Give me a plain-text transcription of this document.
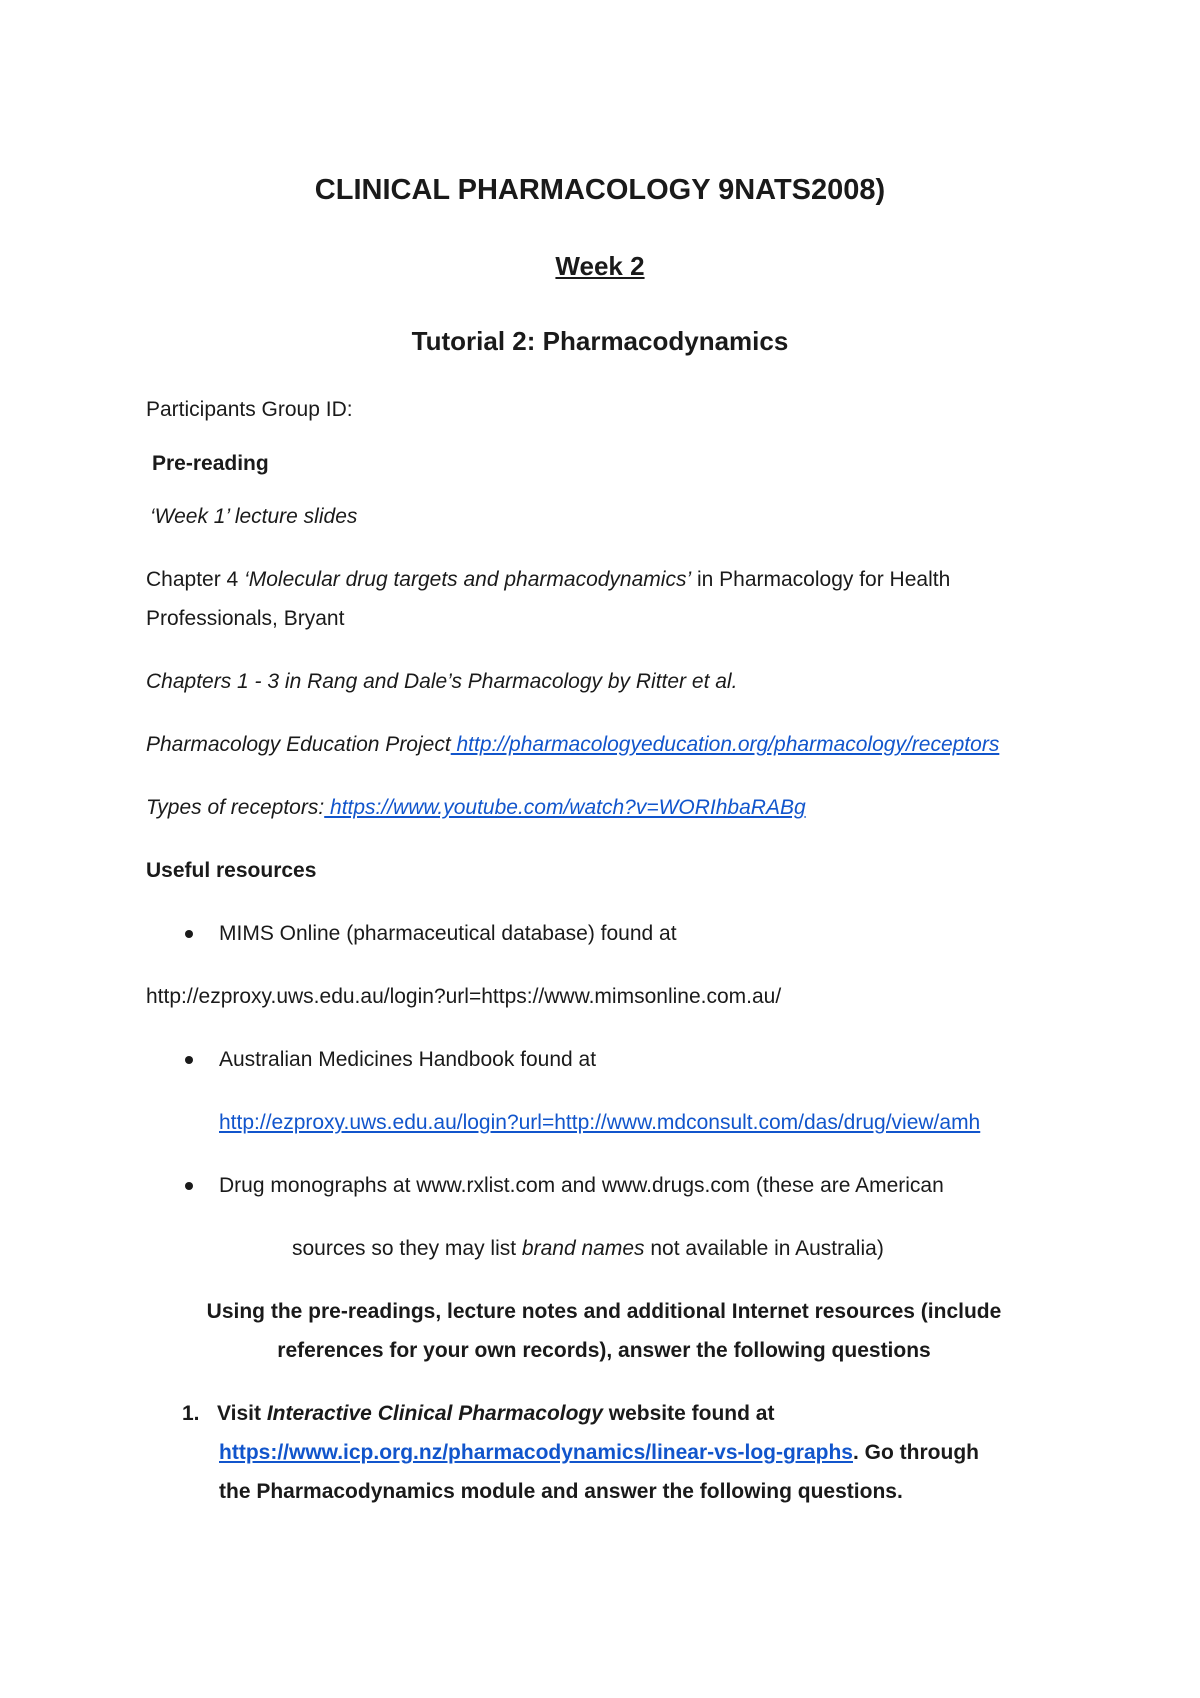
CLINICAL PHARMACOLOGY 9NATS2008)
Week 2
Tutorial 2: Pharmacodynamics
Participants Group ID:
Pre-reading
‘Week 1’ lecture slides
Chapter 4 ‘Molecular drug targets and pharmacodynamics’ in Pharmacology for Health
Professionals, Bryant
Chapters 1 - 3 in Rang and Dale’s Pharmacology by Ritter et al.
Pharmacology Education Project http://pharmacologyeducation.org/pharmacology/receptors
Types of receptors: https://www.youtube.com/watch?v=WORIhbaRABg
Useful resources
MIMS Online (pharmaceutical database) found at
http://ezproxy.uws.edu.au/login?url=https://www.mimsonline.com.au/
Australian Medicines Handbook found at
http://ezproxy.uws.edu.au/login?url=http://www.mdconsult.com/das/drug/view/amh
Drug monographs at www.rxlist.com and www.drugs.com (these are American
sources so they may list brand names not available in Australia)
Using the pre-readings, lecture notes and additional Internet resources (include
references for your own records), answer the following questions
1. Visit Interactive Clinical Pharmacology website found at
https://www.icp.org.nz/pharmacodynamics/linear-vs-log-graphs. Go through
the Pharmacodynamics module and answer the following questions.
